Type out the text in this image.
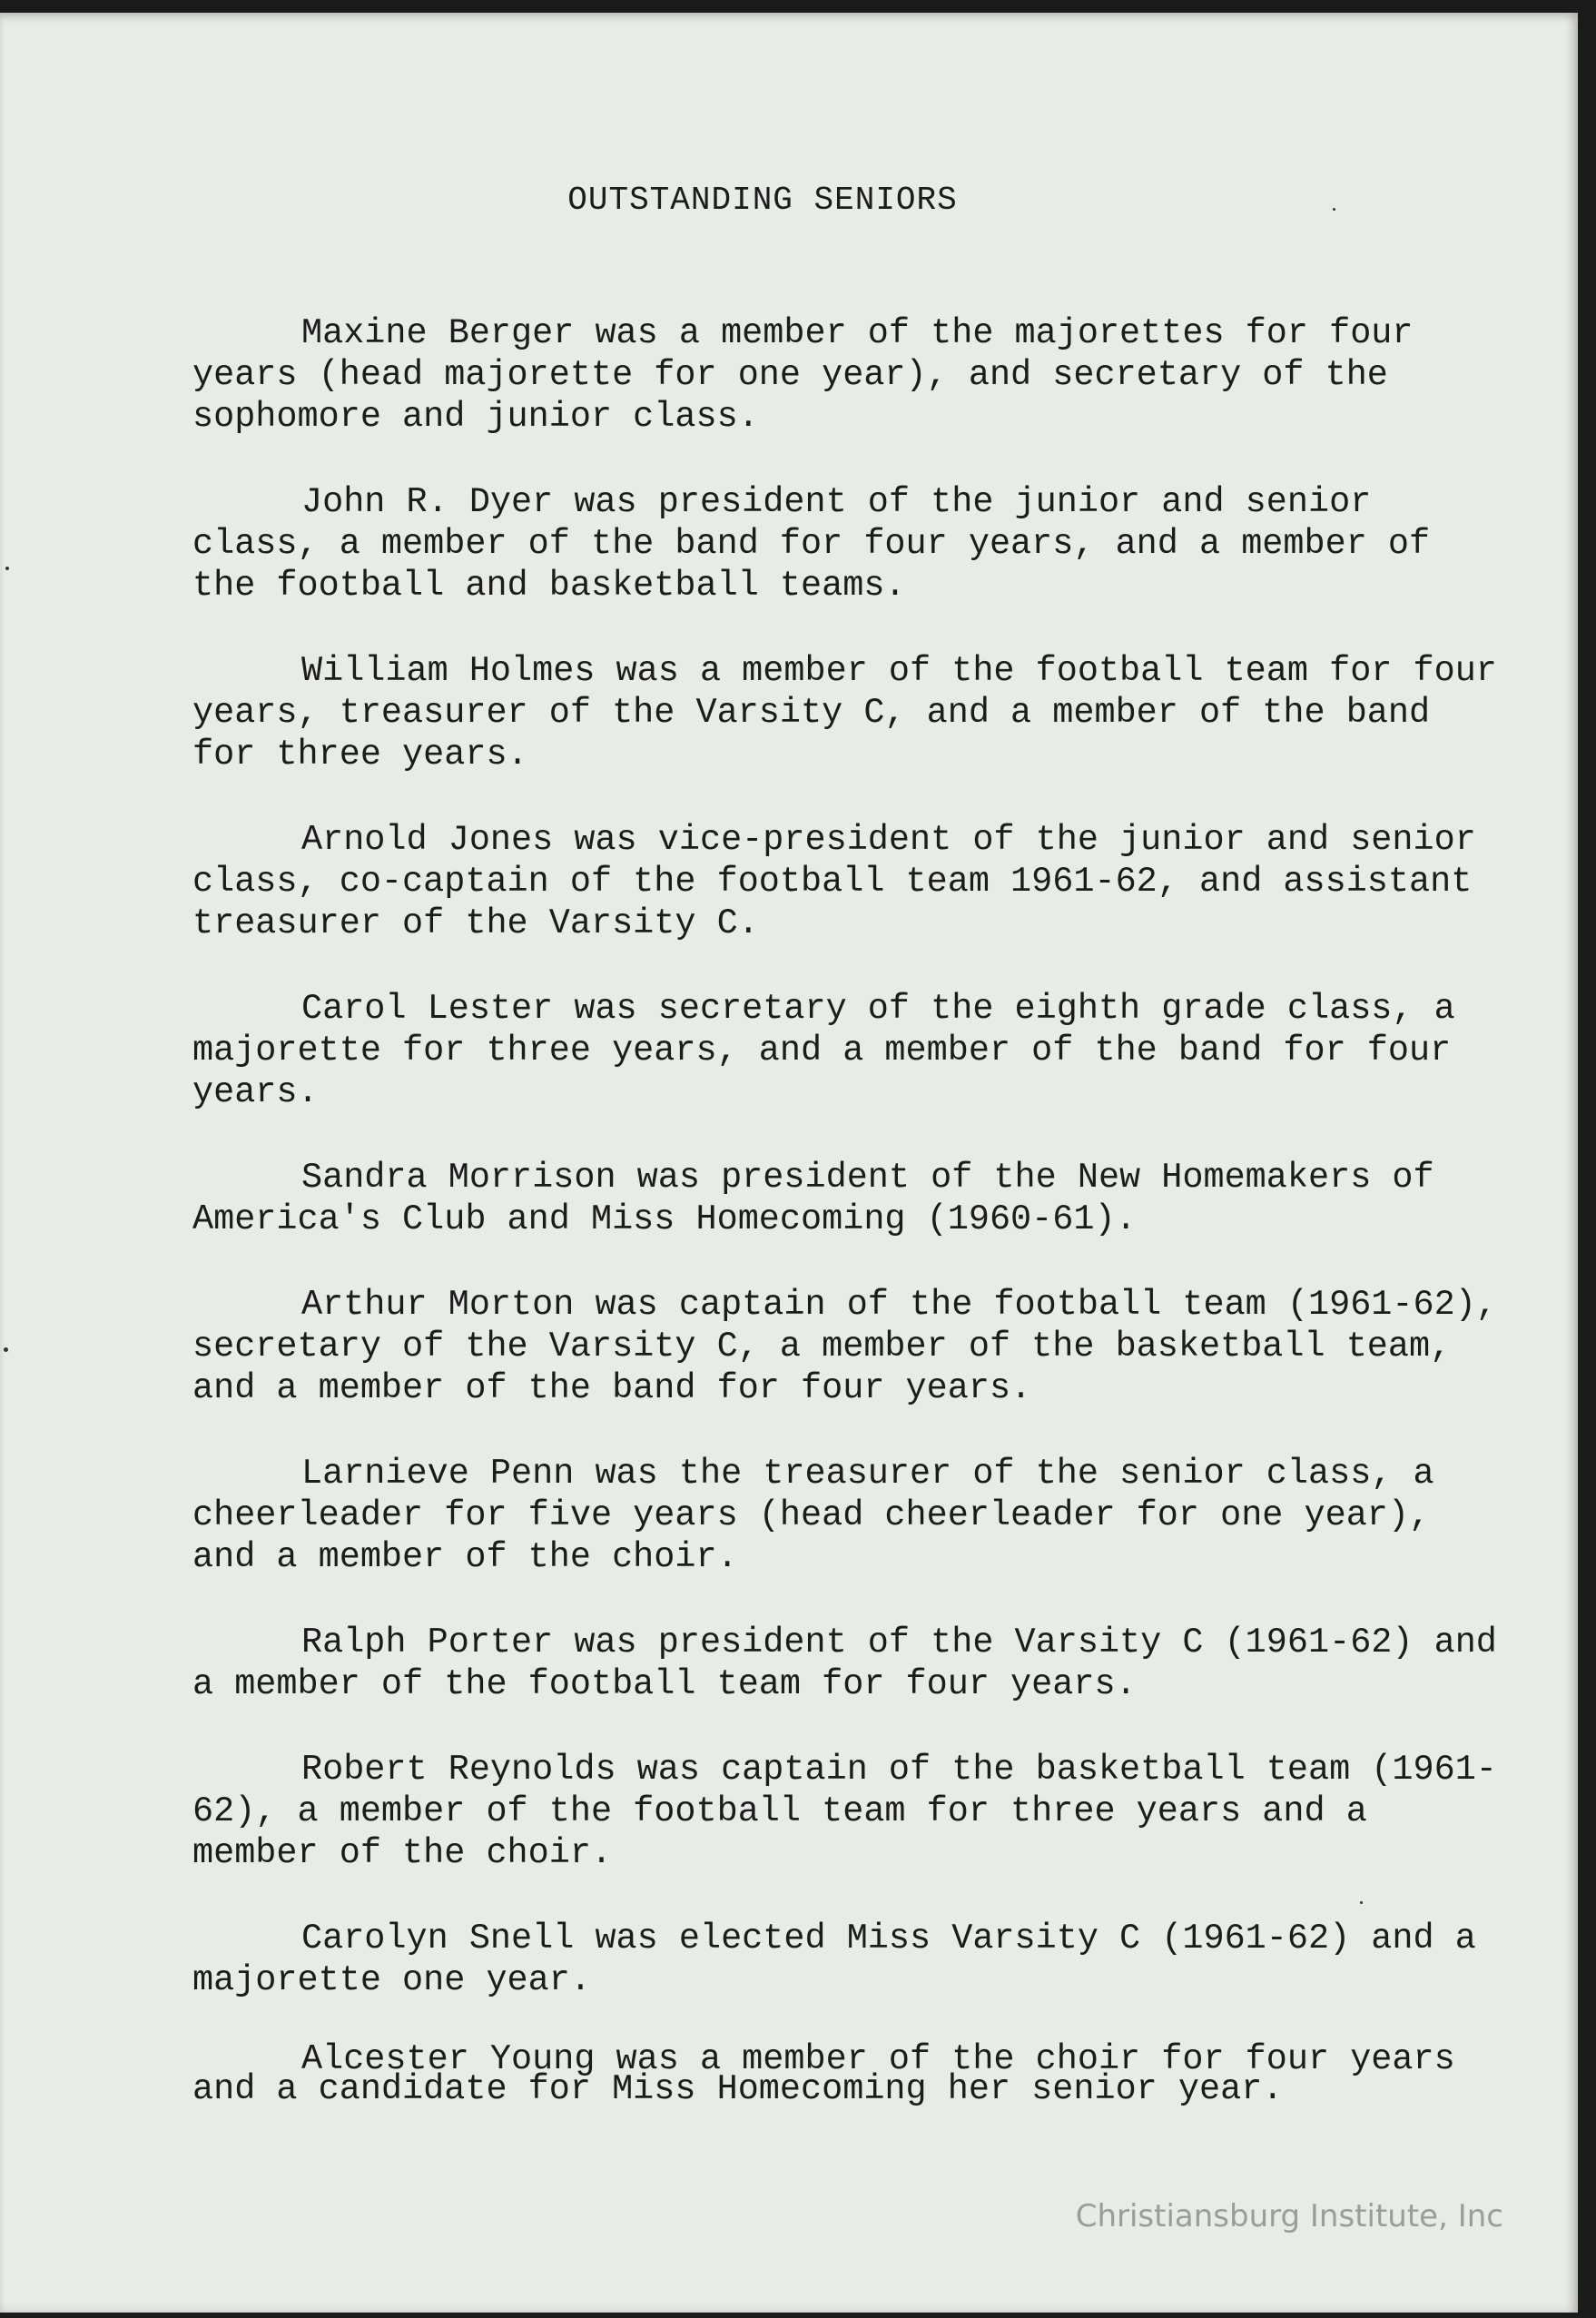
OUTSTANDING SENIORS

Maxine Berger was a member of the majorettes for four years (head majorette for one year), and secretary of the sophomore and junior class.

John R. Dyer was president of the junior and senior class, a member of the band for four years, and a member of the football and basketball teams.

William Holmes was a member of the football team for four years, treasurer of the Varsity C, and a member of the band for three years.

Arnold Jones was vice-president of the junior and senior class, co-captain of the football team 1961-62, and assistant treasurer of the Varsity C.

Carol Lester was secretary of the eighth grade class, a majorette for three years, and a member of the band for four years.

Sandra Morrison was president of the New Homemakers of America's Club and Miss Homecoming (1960-61).

Arthur Morton was captain of the football team (1961-62), secretary of the Varsity C, a member of the basketball team, and a member of the band for four years.

Larnieve Penn was the treasurer of the senior class, a cheerleader for five years (head cheerleader for one year), and a member of the choir.

Ralph Porter was president of the Varsity C (1961-62) and a member of the football team for four years.

Robert Reynolds was captain of the basketball team (1961-62), a member of the football team for three years and a member of the choir.

Carolyn Snell was elected Miss Varsity C (1961-62) and a majorette one year.

Alcester Young was a member of the choir for four years and a candidate for Miss Homecoming her senior year.

Christiansburg Institute, Inc
